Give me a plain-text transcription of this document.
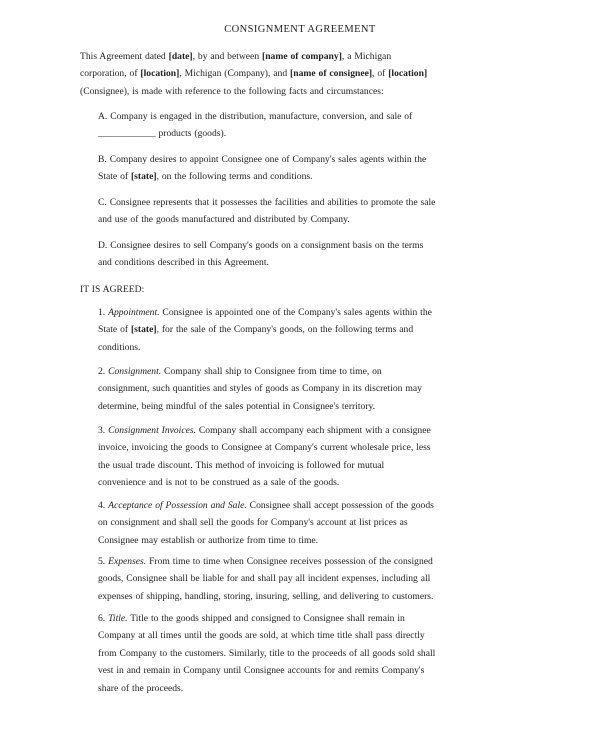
CONSIGNMENT AGREEMENT
This Agreement dated [date], by and between [name of company], a Michigan
corporation, of [location], Michigan (Company), and [name of consignee], of [location]
(Consignee), is made with reference to the following facts and circumstances:
A. Company is engaged in the distribution, manufacture, conversion, and sale of
____________ products (goods).
B. Company desires to appoint Consignee one of Company's sales agents within the
State of [state], on the following terms and conditions.
C. Consignee represents that it possesses the facilities and abilities to promote the sale
and use of the goods manufactured and distributed by Company.
D. Consignee desires to sell Company's goods on a consignment basis on the terms
and conditions described in this Agreement.
IT IS AGREED:
1. Appointment. Consignee is appointed one of the Company's sales agents within the
State of [state], for the sale of the Company's goods, on the following terms and
conditions.
2. Consignment. Company shall ship to Consignee from time to time, on
consignment, such quantities and styles of goods as Company in its discretion may
determine, being mindful of the sales potential in Consignee's territory.
3. Consignment Invoices. Company shall accompany each shipment with a consignee
invoice, invoicing the goods to Consignee at Company's current wholesale price, less
the usual trade discount. This method of invoicing is followed for mutual
convenience and is not to be construed as a sale of the goods.
4. Acceptance of Possession and Sale. Consignee shall accept possession of the goods
on consignment and shall sell the goods for Company's account at list prices as
Consignee may establish or authorize from time to time.
5. Expenses. From time to time when Consignee receives possession of the consigned
goods, Consignee shall be liable for and shall pay all incident expenses, including all
expenses of shipping, handling, storing, insuring, selling, and delivering to customers.
6. Title. Title to the goods shipped and consigned to Consignee shall remain in
Company at all times until the goods are sold, at which time title shall pass directly
from Company to the customers. Similarly, title to the proceeds of all goods sold shall
vest in and remain in Company until Consignee accounts for and remits Company's
share of the proceeds.
